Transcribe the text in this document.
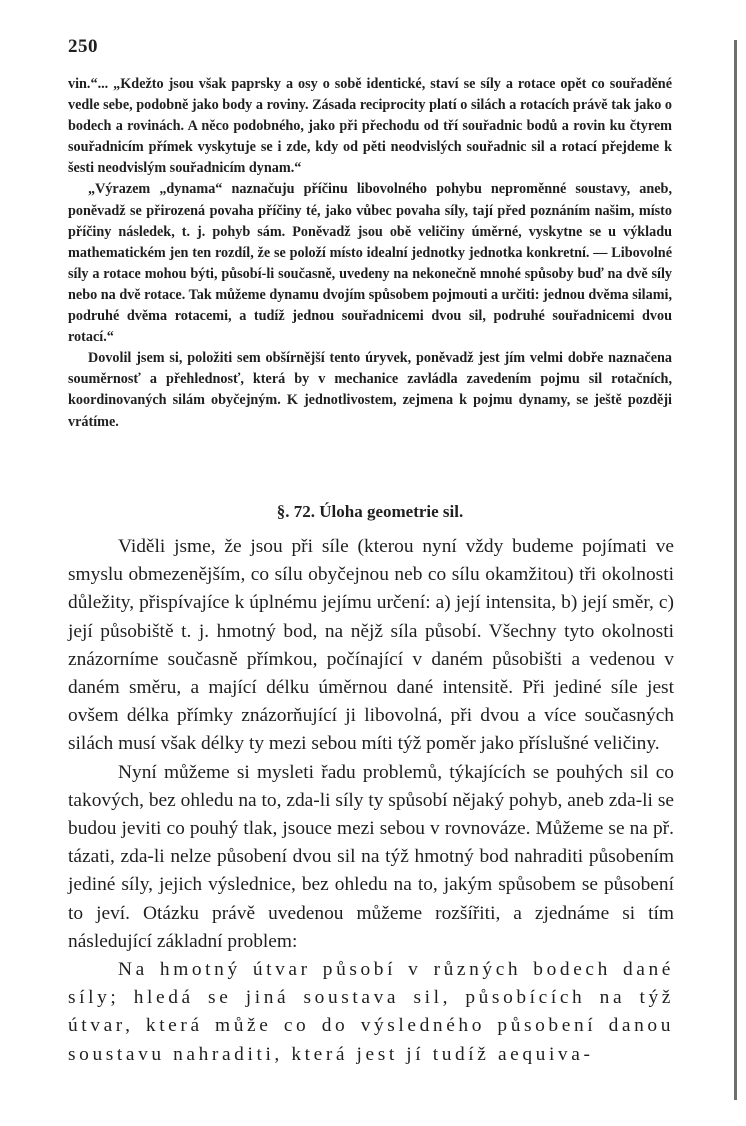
250

vin.“... „Kdežto jsou však paprsky a osy o sobě identické, staví se síly a rotace opět co souřaděné vedle sebe, podobně jako body a roviny. Zásada reciprocity platí o silách a rotacích právě tak jako o bodech a rovinách. A něco podobného, jako při přechodu od tří souřadnic bodů a rovin ku čtyrem souřadnicím přímek vyskytuje se i zde, kdy od pěti neodvislých souřadnic sil a rotací přejdeme k šesti neodvislým souřadnicím dynam.“

„Výrazem „dynama“ naznačuju příčinu libovolného pohybu neproměnné soustavy, aneb, poněvadž se přirozená povaha příčiny té, jako vůbec povaha síly, tají před poznáním našim, místo příčiny následek, t. j. pohyb sám. Poněvadž jsou obě veličiny úměrné, vyskytne se u výkladu mathematickém jen ten rozdíl, že se položí místo idealní jednotky jednotka konkretní. — Libovolné síly a rotace mohou býti, působí-li současně, uvedeny na nekonečně mnohé spůsoby buď na dvě síly nebo na dvě rotace. Tak můžeme dynamu dvojím spůsobem pojmouti a určiti: jednou dvěma silami, podruhé dvěma rotacemi, a tudíž jednou souřadnicemi dvou sil, podruhé souřadnicemi dvou rotací.“

Dovolil jsem si, položiti sem obšírnější tento úryvek, poněvadž jest jím velmi dobře naznačena souměrnosť a přehlednosť, která by v mechanice zavládla zavedením pojmu sil rotačních, koordinovaných silám obyčejným. K jednotlivostem, zejmena k pojmu dynamy, se ještě později vrátíme.

§. 72. Úloha geometrie sil.

Viděli jsme, že jsou při síle (kterou nyní vždy budeme pojímati ve smyslu obmezenějším, co sílu obyčejnou neb co sílu okamžitou) tři okolnosti důležity, přispívajíce k úplnému jejímu určení: a) její intensita, b) její směr, c) její působiště t. j. hmotný bod, na nějž síla působí. Všechny tyto okolnosti znázorníme současně přímkou, počínající v daném působišti a vedenou v daném směru, a mající délku úměrnou dané intensitě. Při jediné síle jest ovšem délka přímky znázorňující ji libovolná, při dvou a více současných silách musí však délky ty mezi sebou míti týž poměr jako příslušné veličiny.

Nyní můžeme si mysleti řadu problemů, týkajících se pouhých sil co takových, bez ohledu na to, zda-li síly ty spůsobí nějaký pohyb, aneb zda-li se budou jeviti co pouhý tlak, jsouce mezi sebou v rovnováze. Můžeme se na př. tázati, zda-li nelze působení dvou sil na týž hmotný bod nahraditi působením jediné síly, jejich výslednice, bez ohledu na to, jakým spůsobem se působení to jeví. Otázku právě uvedenou můžeme rozšířiti, a zjednáme si tím následující základní problem:

Na hmotný útvar působí v různých bodech dané síly; hledá se jiná soustava sil, působících na týž útvar, která může co do výsledného působení danou soustavu nahraditi, která jest jí tudíž aequiva-
